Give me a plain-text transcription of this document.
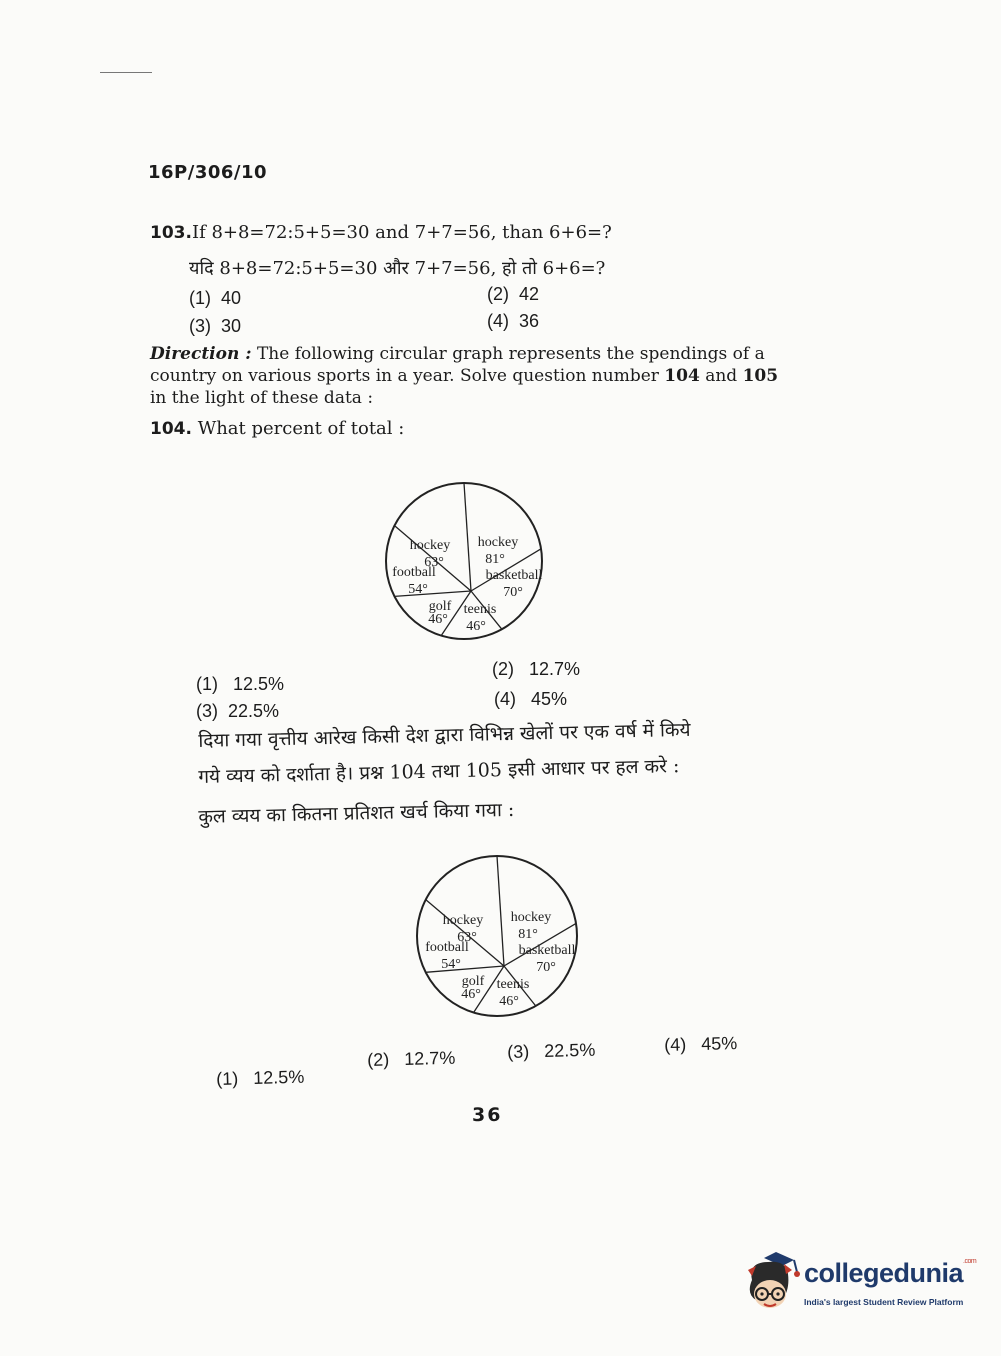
16P/306/10
103.If 8+8=72:5+5=30 and 7+7=56, than 6+6=?
यदि 8+8=72:5+5=30 और 7+7=56, हो तो 6+6=?
(1) 40	(2) 42
(3) 30	(4) 36
Direction : The following circular graph represents the spendings of a
country on various sports in a year. Solve question number 104 and 105
in the light of these data :
104. What percent of total :
hockey
63°
hockey
81°
basketball
70°
teenis
46°
golf
46°
football
54°
(1) 12.5%
(2) 12.7%
(3) 22.5%
(4) 45%
दिया गया वृत्तीय आरेख किसी देश द्वारा विभिन्न खेलों पर एक वर्ष में किये
गये व्यय को दर्शाता है। प्रश्न 104 तथा 105 इसी आधार पर हल करे :
कुल व्यय का कितना प्रतिशत खर्च किया गया :
hockey
63°
hockey
81°
basketball
70°
teenis
46°
golf
46°
football
54°
(1) 12.5%
(2) 12.7%	(3) 22.5%	(4) 45%
36
collegedunia$^{.com}$
India's largest Student Review Platform
